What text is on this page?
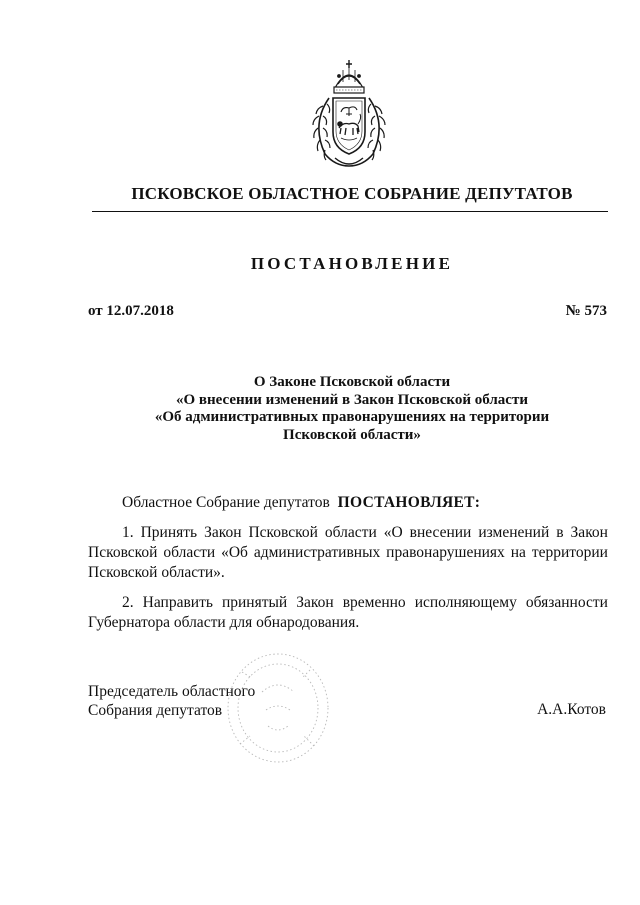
ПСКОВСКОЕ ОБЛАСТНОЕ СОБРАНИЕ ДЕПУТАТОВ
ПОСТАНОВЛЕНИЕ
от 12.07.2018	№ 573
О Законе Псковской области
«О внесении изменений в Закон Псковской области
«Об административных правонарушениях на территории
Псковской области»
Областное Собрание депутатов ПОСТАНОВЛЯЕТ:
1. Принять Закон Псковской области «О внесении изменений в Закон
Псковской области «Об административных правонарушениях на территории
Псковской области».
2. Направить принятый Закон временно исполняющему обязанности
Губернатора области для обнародования.
Председатель областного
Собрания депутатов	А.А.Котов
